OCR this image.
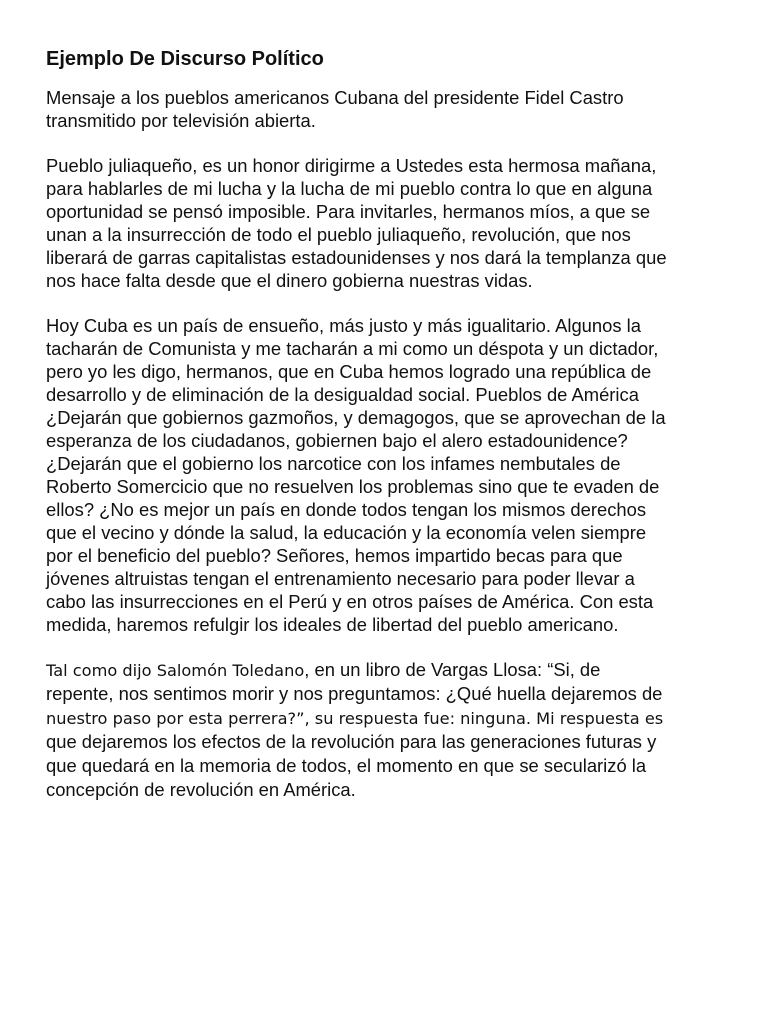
Ejemplo De Discurso Político

Mensaje a los pueblos americanos Cubana del presidente Fidel Castro
transmitido por televisión abierta.

Pueblo juliaqueño, es un honor dirigirme a Ustedes esta hermosa mañana,
para hablarles de mi lucha y la lucha de mi pueblo contra lo que en alguna
oportunidad se pensó imposible. Para invitarles, hermanos míos, a que se
unan a la insurrección de todo el pueblo juliaqueño, revolución, que nos
liberará de garras capitalistas estadounidenses y nos dará la templanza que
nos hace falta desde que el dinero gobierna nuestras vidas.

Hoy Cuba es un país de ensueño, más justo y más igualitario. Algunos la
tacharán de Comunista y me tacharán a mi como un déspota y un dictador,
pero yo les digo, hermanos, que en Cuba hemos logrado una república de
desarrollo y de eliminación de la desigualdad social. Pueblos de América
¿Dejarán que gobiernos gazmoños, y demagogos, que se aprovechan de la
esperanza de los ciudadanos, gobiernen bajo el alero estadounidence?
¿Dejarán que el gobierno los narcotice con los infames nembutales de
Roberto Somercicio que no resuelven los problemas sino que te evaden de
ellos? ¿No es mejor un país en donde todos tengan los mismos derechos
que el vecino y dónde la salud, la educación y la economía velen siempre
por el beneficio del pueblo? Señores, hemos impartido becas para que
jóvenes altruistas tengan el entrenamiento necesario para poder llevar a
cabo las insurrecciones en el Perú y en otros países de América. Con esta
medida, haremos refulgir los ideales de libertad del pueblo americano.

Tal como dijo Salomón Toledano, en un libro de Vargas Llosa: “Si, de
repente, nos sentimos morir y nos preguntamos: ¿Qué huella dejaremos de
nuestro paso por esta perrera?”, su respuesta fue: ninguna. Mi respuesta es
que dejaremos los efectos de la revolución para las generaciones futuras y
que quedará en la memoria de todos, el momento en que se secularizó la
concepción de revolución en América.
